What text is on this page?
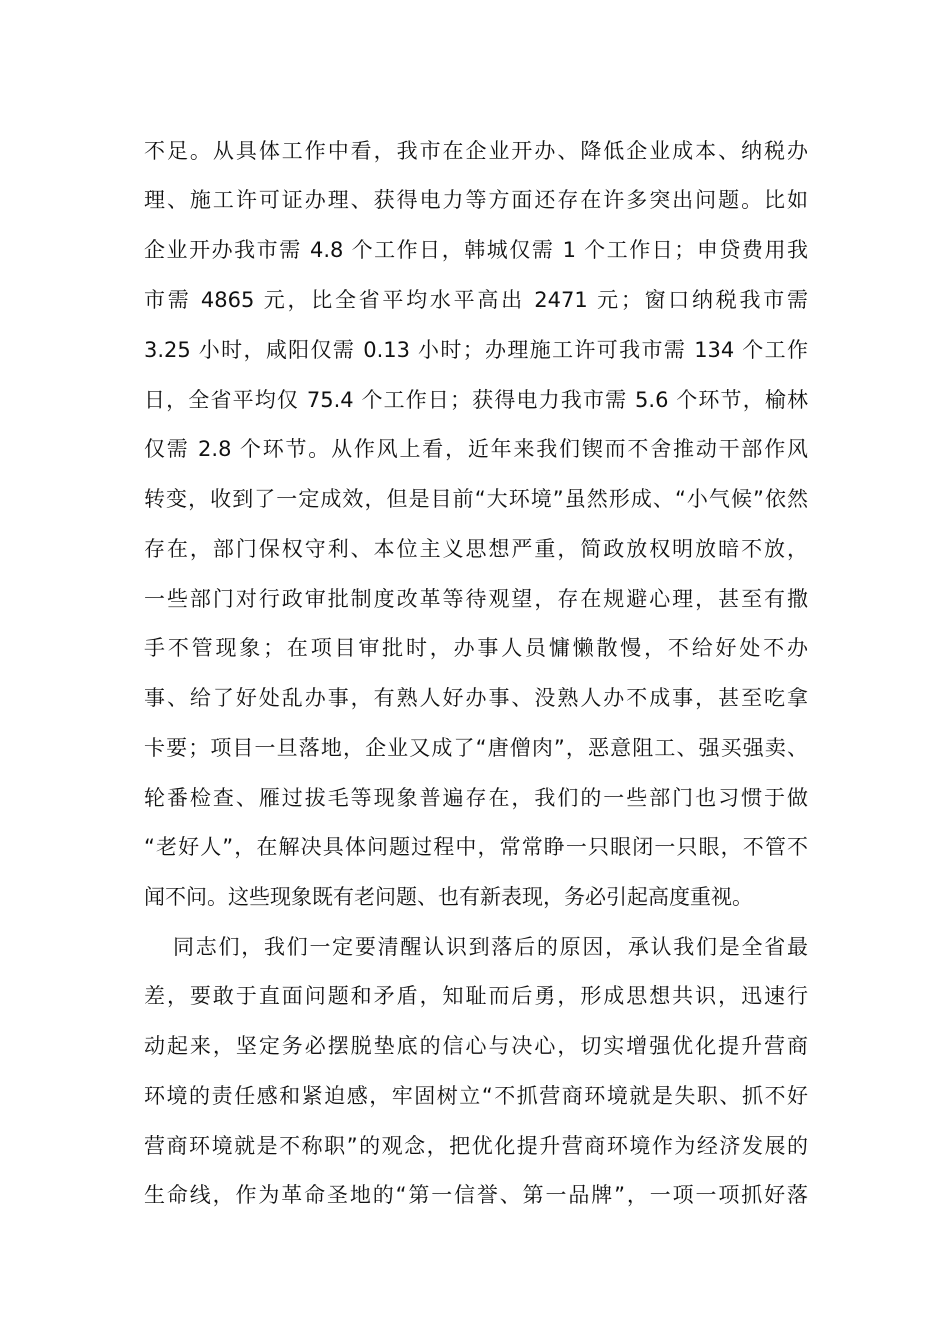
不足。从具体工作中看，我市在企业开办、降低企业成本、纳税办
理、施工许可证办理、获得电力等方面还存在许多突出问题。比如
企业开办我市需 4.8 个工作日，韩城仅需 1 个工作日；申贷费用我
市需 4865 元，比全省平均水平高出 2471 元；窗口纳税我市需
3.25 小时，咸阳仅需 0.13 小时；办理施工许可我市需 134 个工作
日，全省平均仅 75.4 个工作日；获得电力我市需 5.6 个环节，榆林
仅需 2.8 个环节。从作风上看，近年来我们锲而不舍推动干部作风
转变，收到了一定成效，但是目前“大环境”虽然形成、“小气候”依然
存在，部门保权守利、本位主义思想严重，简政放权明放暗不放，
一些部门对行政审批制度改革等待观望，存在规避心理，甚至有撒
手不管现象；在项目审批时，办事人员慵懒散慢，不给好处不办
事、给了好处乱办事，有熟人好办事、没熟人办不成事，甚至吃拿
卡要；项目一旦落地，企业又成了“唐僧肉”，恶意阻工、强买强卖、
轮番检查、雁过拔毛等现象普遍存在，我们的一些部门也习惯于做
“老好人”，在解决具体问题过程中，常常睁一只眼闭一只眼，不管不
闻不问。这些现象既有老问题、也有新表现，务必引起高度重视。
同志们，我们一定要清醒认识到落后的原因，承认我们是全省最
差，要敢于直面问题和矛盾，知耻而后勇，形成思想共识，迅速行
动起来，坚定务必摆脱垫底的信心与决心，切实增强优化提升营商
环境的责任感和紧迫感，牢固树立“不抓营商环境就是失职、抓不好
营商环境就是不称职”的观念，把优化提升营商环境作为经济发展的
生命线，作为革命圣地的“第一信誉、第一品牌”，一项一项抓好落
